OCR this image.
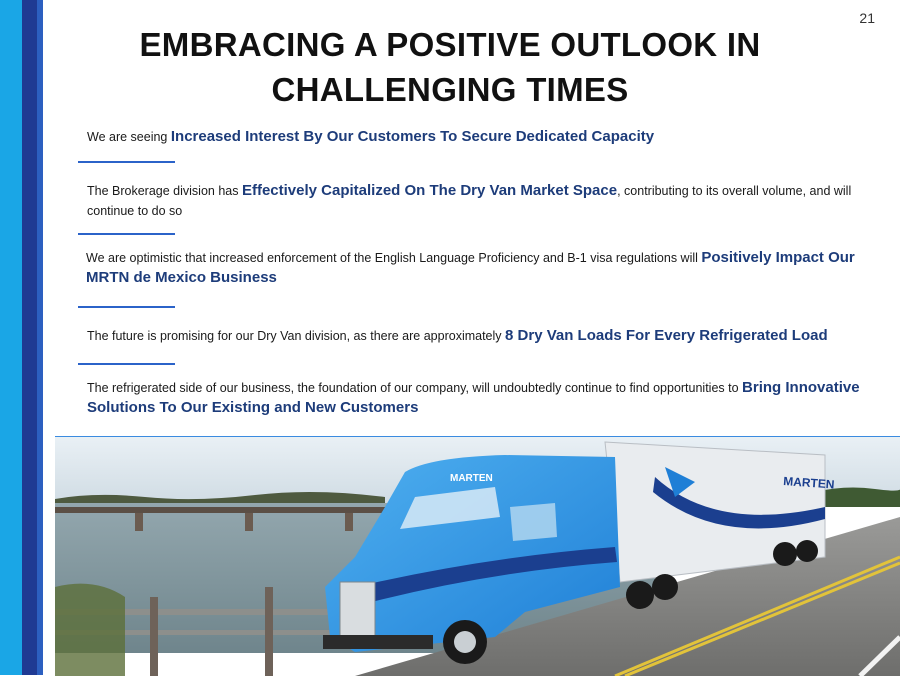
21
EMBRACING A POSITIVE OUTLOOK IN
CHALLENGING TIMES
We are seeing Increased Interest By Our Customers To Secure Dedicated Capacity
The Brokerage division has Effectively Capitalized On The Dry Van Market Space, contributing to its overall volume, and will continue to do so
We are optimistic that increased enforcement of the English Language Proficiency and B-1 visa regulations will Positively Impact Our MRTN de Mexico Business
The future is promising for our Dry Van division, as there are approximately 8 Dry Van Loads For Every Refrigerated Load
The refrigerated side of our business, the foundation of our company, will undoubtedly continue to find opportunities to Bring Innovative Solutions To Our Existing and New Customers
MARTEN
MARTEN
